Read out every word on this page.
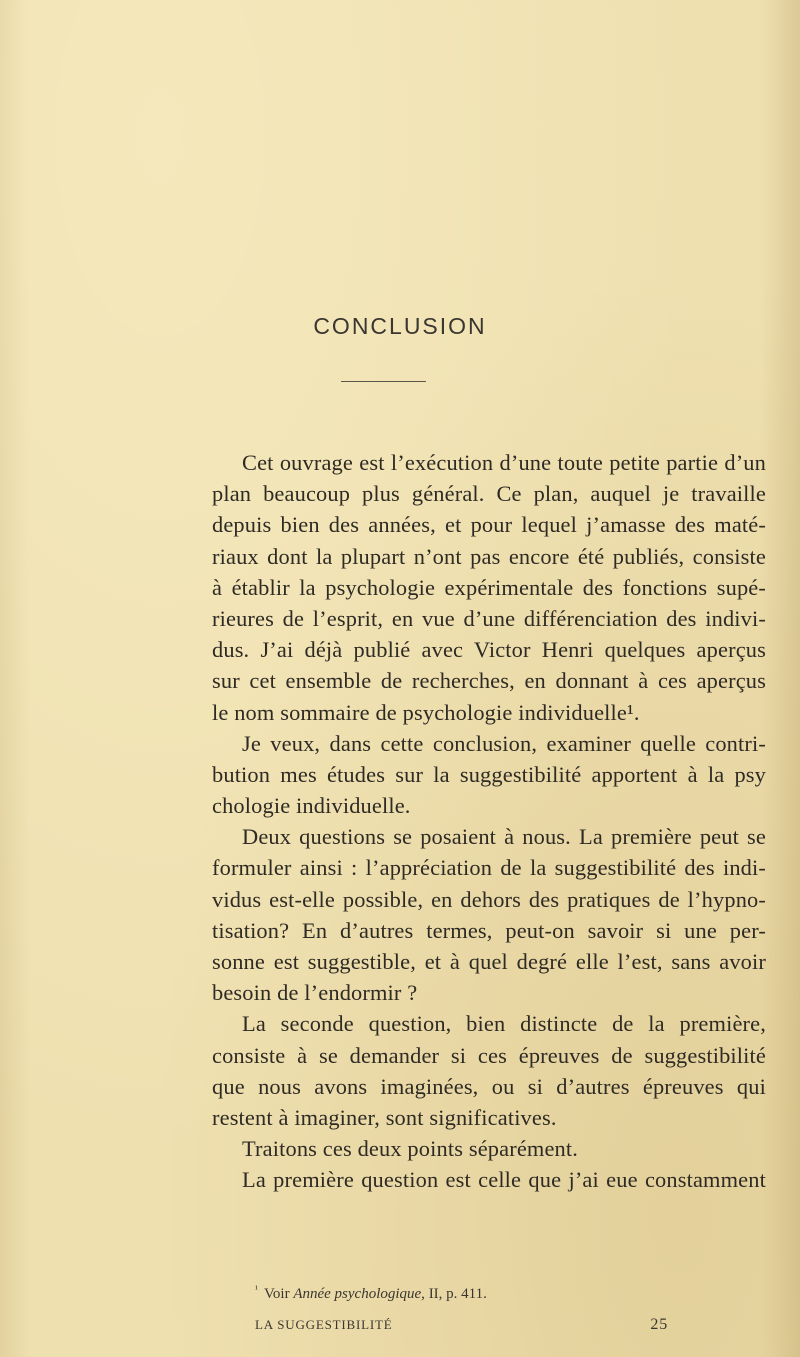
CONCLUSION
Cet ouvrage est l’exécution d’une toute petite partie d’un
plan beaucoup plus général. Ce plan, auquel je travaille
depuis bien des années, et pour lequel j’amasse des maté-
riaux dont la plupart n’ont pas encore été publiés, consiste
à établir la psychologie expérimentale des fonctions supé-
rieures de l’esprit, en vue d’une différenciation des indivi-
dus. J’ai déjà publié avec Victor Henri quelques aperçus
sur cet ensemble de recherches, en donnant à ces aperçus
le nom sommaire de psychologie individuelle¹.
Je veux, dans cette conclusion, examiner quelle contri-
bution mes études sur la suggestibilité apportent à la psy
chologie individuelle.
Deux questions se posaient à nous. La première peut se
formuler ainsi : l’appréciation de la suggestibilité des indi-
vidus est-elle possible, en dehors des pratiques de l’hypno-
tisation? En d’autres termes, peut-on savoir si une per-
sonne est suggestible, et à quel degré elle l’est, sans avoir
besoin de l’endormir ?
La seconde question, bien distincte de la première,
consiste à se demander si ces épreuves de suggestibilité
que nous avons imaginées, ou si d’autres épreuves qui
restent à imaginer, sont significatives.
Traitons ces deux points séparément.
La première question est celle que j’ai eue constamment
$^{^1}$ Voir Année psychologique, II, p. 411.
LA SUGGESTIBILITÉ	25
